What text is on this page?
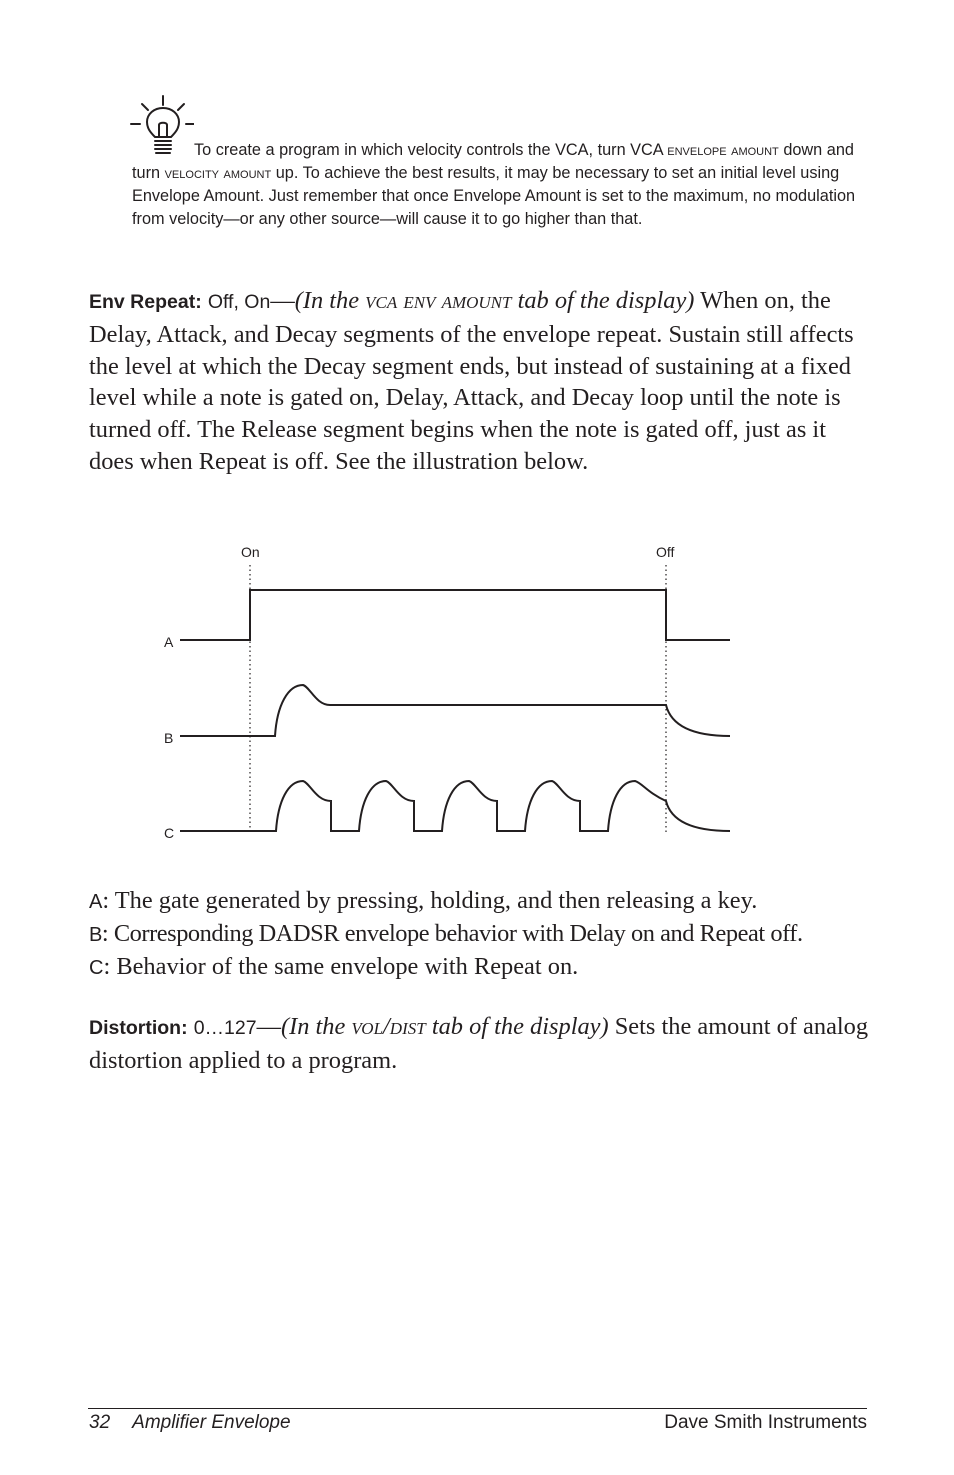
To create a program in which velocity controls the VCA, turn VCA envelope amount down and turn velocity amount up. To achieve the best results, it may be necessary to set an initial level using Envelope Amount. Just remember that once Envelope Amount is set to the maximum, no modulation from velocity—or any other source—will cause it to go higher than that.

Env Repeat: Off, On—(In the vca env amount tab of the display) When on, the Delay, Attack, and Decay segments of the envelope repeat. Sustain still affects the level at which the Decay segment ends, but instead of sustaining at a fixed level while a note is gated on, Delay, Attack, and Decay loop until the note is turned off. The Release segment begins when the note is gated off, just as it does when Repeat is off. See the illustration below.

On	Off
A
B
C

A: The gate generated by pressing, holding, and then releasing a key.

B: Corresponding DADSR envelope behavior with Delay on and Repeat off.

C: Behavior of the same envelope with Repeat on.

Distortion: 0…127—(In the vol/dist tab of the display) Sets the amount of analog distortion applied to a program.

32 Amplifier Envelope	Dave Smith Instruments
